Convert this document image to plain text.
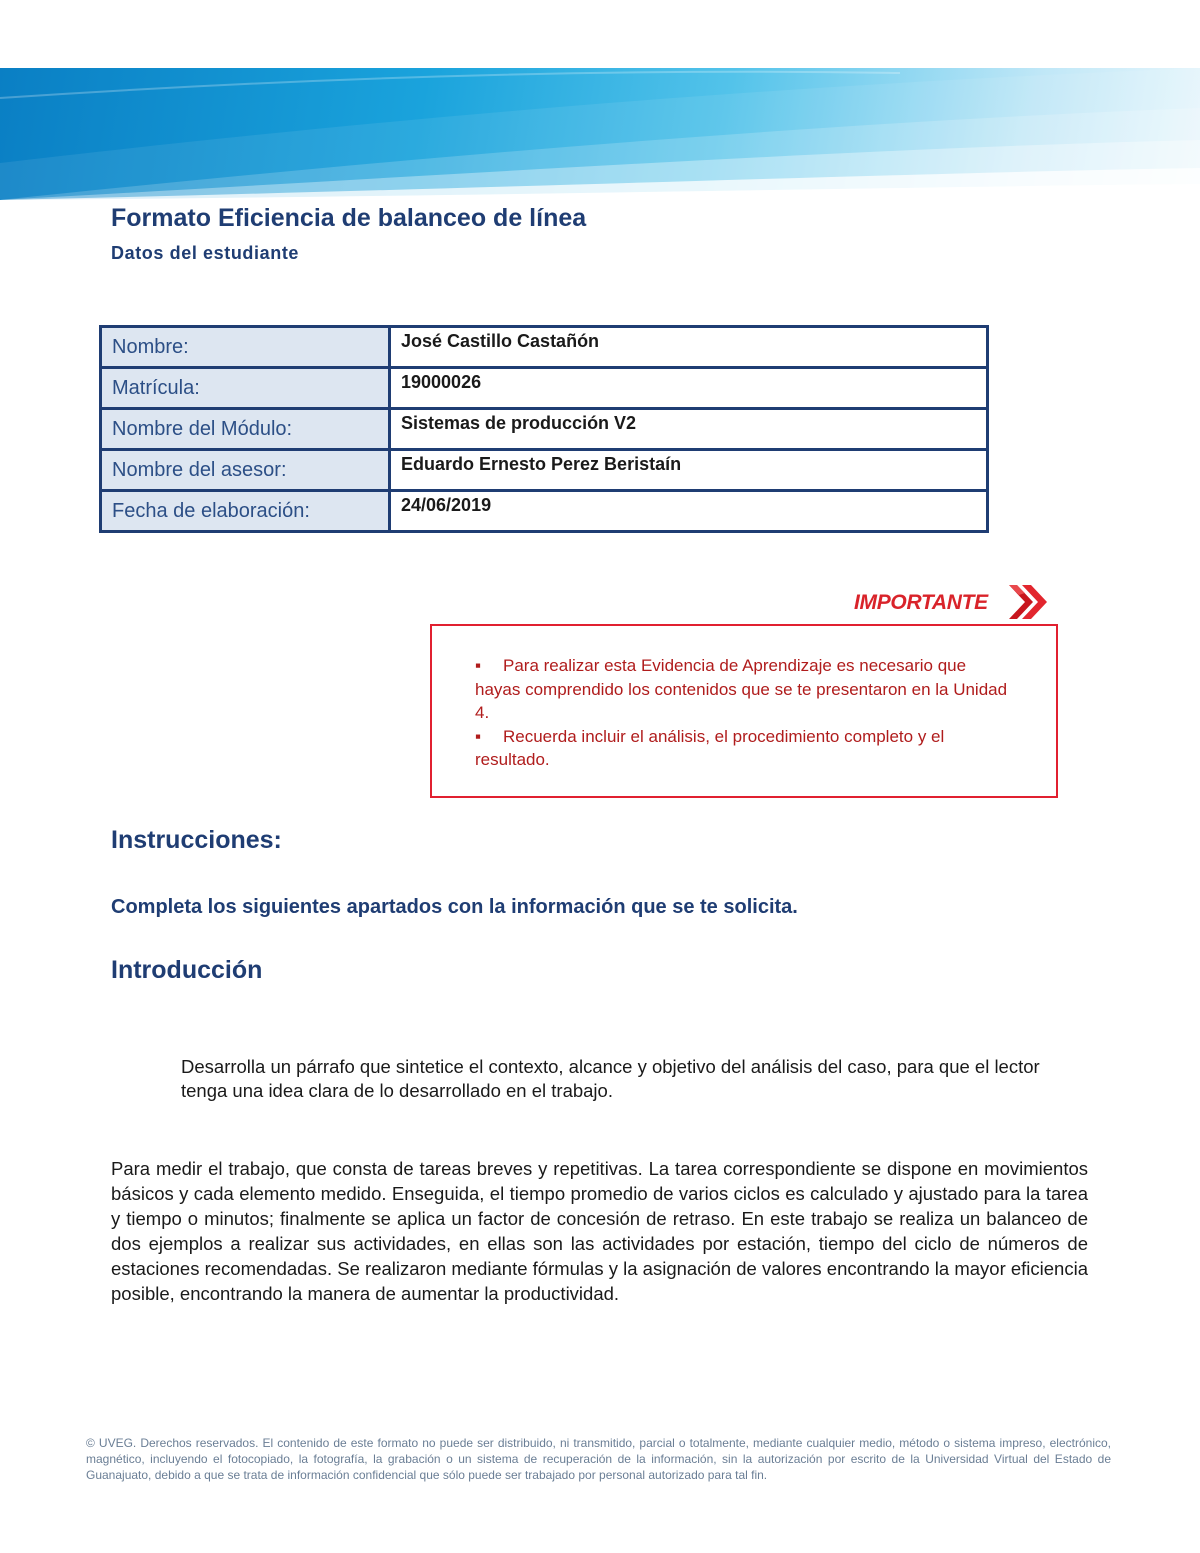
Formato Eficiencia de balanceo de línea
Datos del estudiante
Nombre:	José Castillo Castañón
Matrícula:	19000026
Nombre del Módulo:	Sistemas de producción V2
Nombre del asesor:	Eduardo Ernesto Perez Beristaín
Fecha de elaboración:	24/06/2019
IMPORTANTE
▪	Para realizar esta Evidencia de Aprendizaje es necesario que hayas comprendido los contenidos que se te presentaron en la Unidad 4.
▪	Recuerda incluir el análisis, el procedimiento completo y el resultado.
Instrucciones:
Completa los siguientes apartados con la información que se te solicita.
Introducción
Desarrolla un párrafo que sintetice el contexto, alcance y objetivo del análisis del caso, para que el lector tenga una idea clara de lo desarrollado en el trabajo.
Para medir el trabajo, que consta de tareas breves y repetitivas. La tarea correspondiente se dispone en movimientos básicos y cada elemento medido. Enseguida, el tiempo promedio de varios ciclos es calculado y ajustado para la tarea y tiempo o minutos; finalmente se aplica un factor de concesión de retraso. En este trabajo se realiza un balanceo de dos ejemplos a realizar sus actividades, en ellas son las actividades por estación, tiempo del ciclo de números de estaciones recomendadas. Se realizaron mediante fórmulas y la asignación de valores encontrando la mayor eficiencia posible, encontrando la manera de aumentar la productividad.
© UVEG. Derechos reservados. El contenido de este formato no puede ser distribuido, ni transmitido, parcial o totalmente, mediante cualquier medio, método o sistema impreso, electrónico, magnético, incluyendo el fotocopiado, la fotografía, la grabación o un sistema de recuperación de la información, sin la autorización por escrito de la Universidad Virtual del Estado de Guanajuato, debido a que se trata de información confidencial que sólo puede ser trabajado por personal autorizado para tal fin.
